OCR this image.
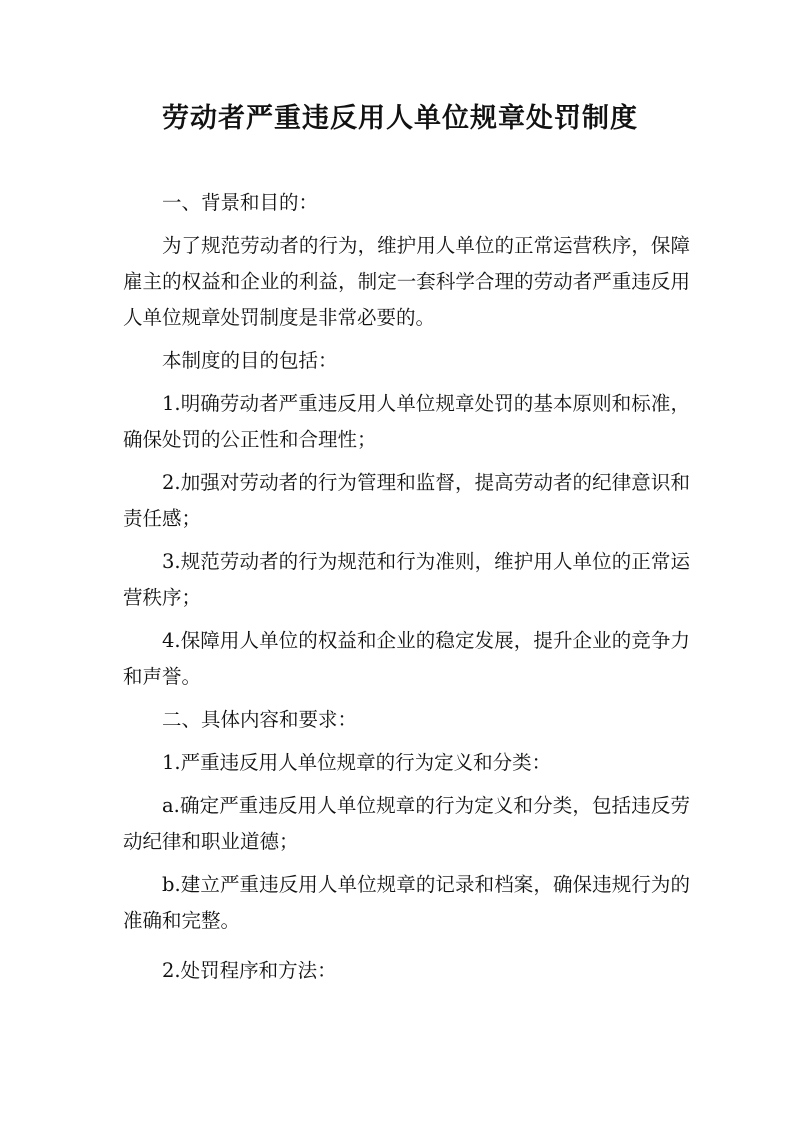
劳动者严重违反用人单位规章处罚制度

一、背景和目的：

为了规范劳动者的行为，维护用人单位的正常运营秩序，保障雇主的权益和企业的利益，制定一套科学合理的劳动者严重违反用人单位规章处罚制度是非常必要的。

本制度的目的包括：

1.明确劳动者严重违反用人单位规章处罚的基本原则和标准，确保处罚的公正性和合理性；

2.加强对劳动者的行为管理和监督，提高劳动者的纪律意识和责任感；

3.规范劳动者的行为规范和行为准则，维护用人单位的正常运营秩序；

4.保障用人单位的权益和企业的稳定发展，提升企业的竞争力和声誉。

二、具体内容和要求：

1.严重违反用人单位规章的行为定义和分类：

a.确定严重违反用人单位规章的行为定义和分类，包括违反劳动纪律和职业道德；

b.建立严重违反用人单位规章的记录和档案，确保违规行为的准确和完整。

2.处罚程序和方法：
